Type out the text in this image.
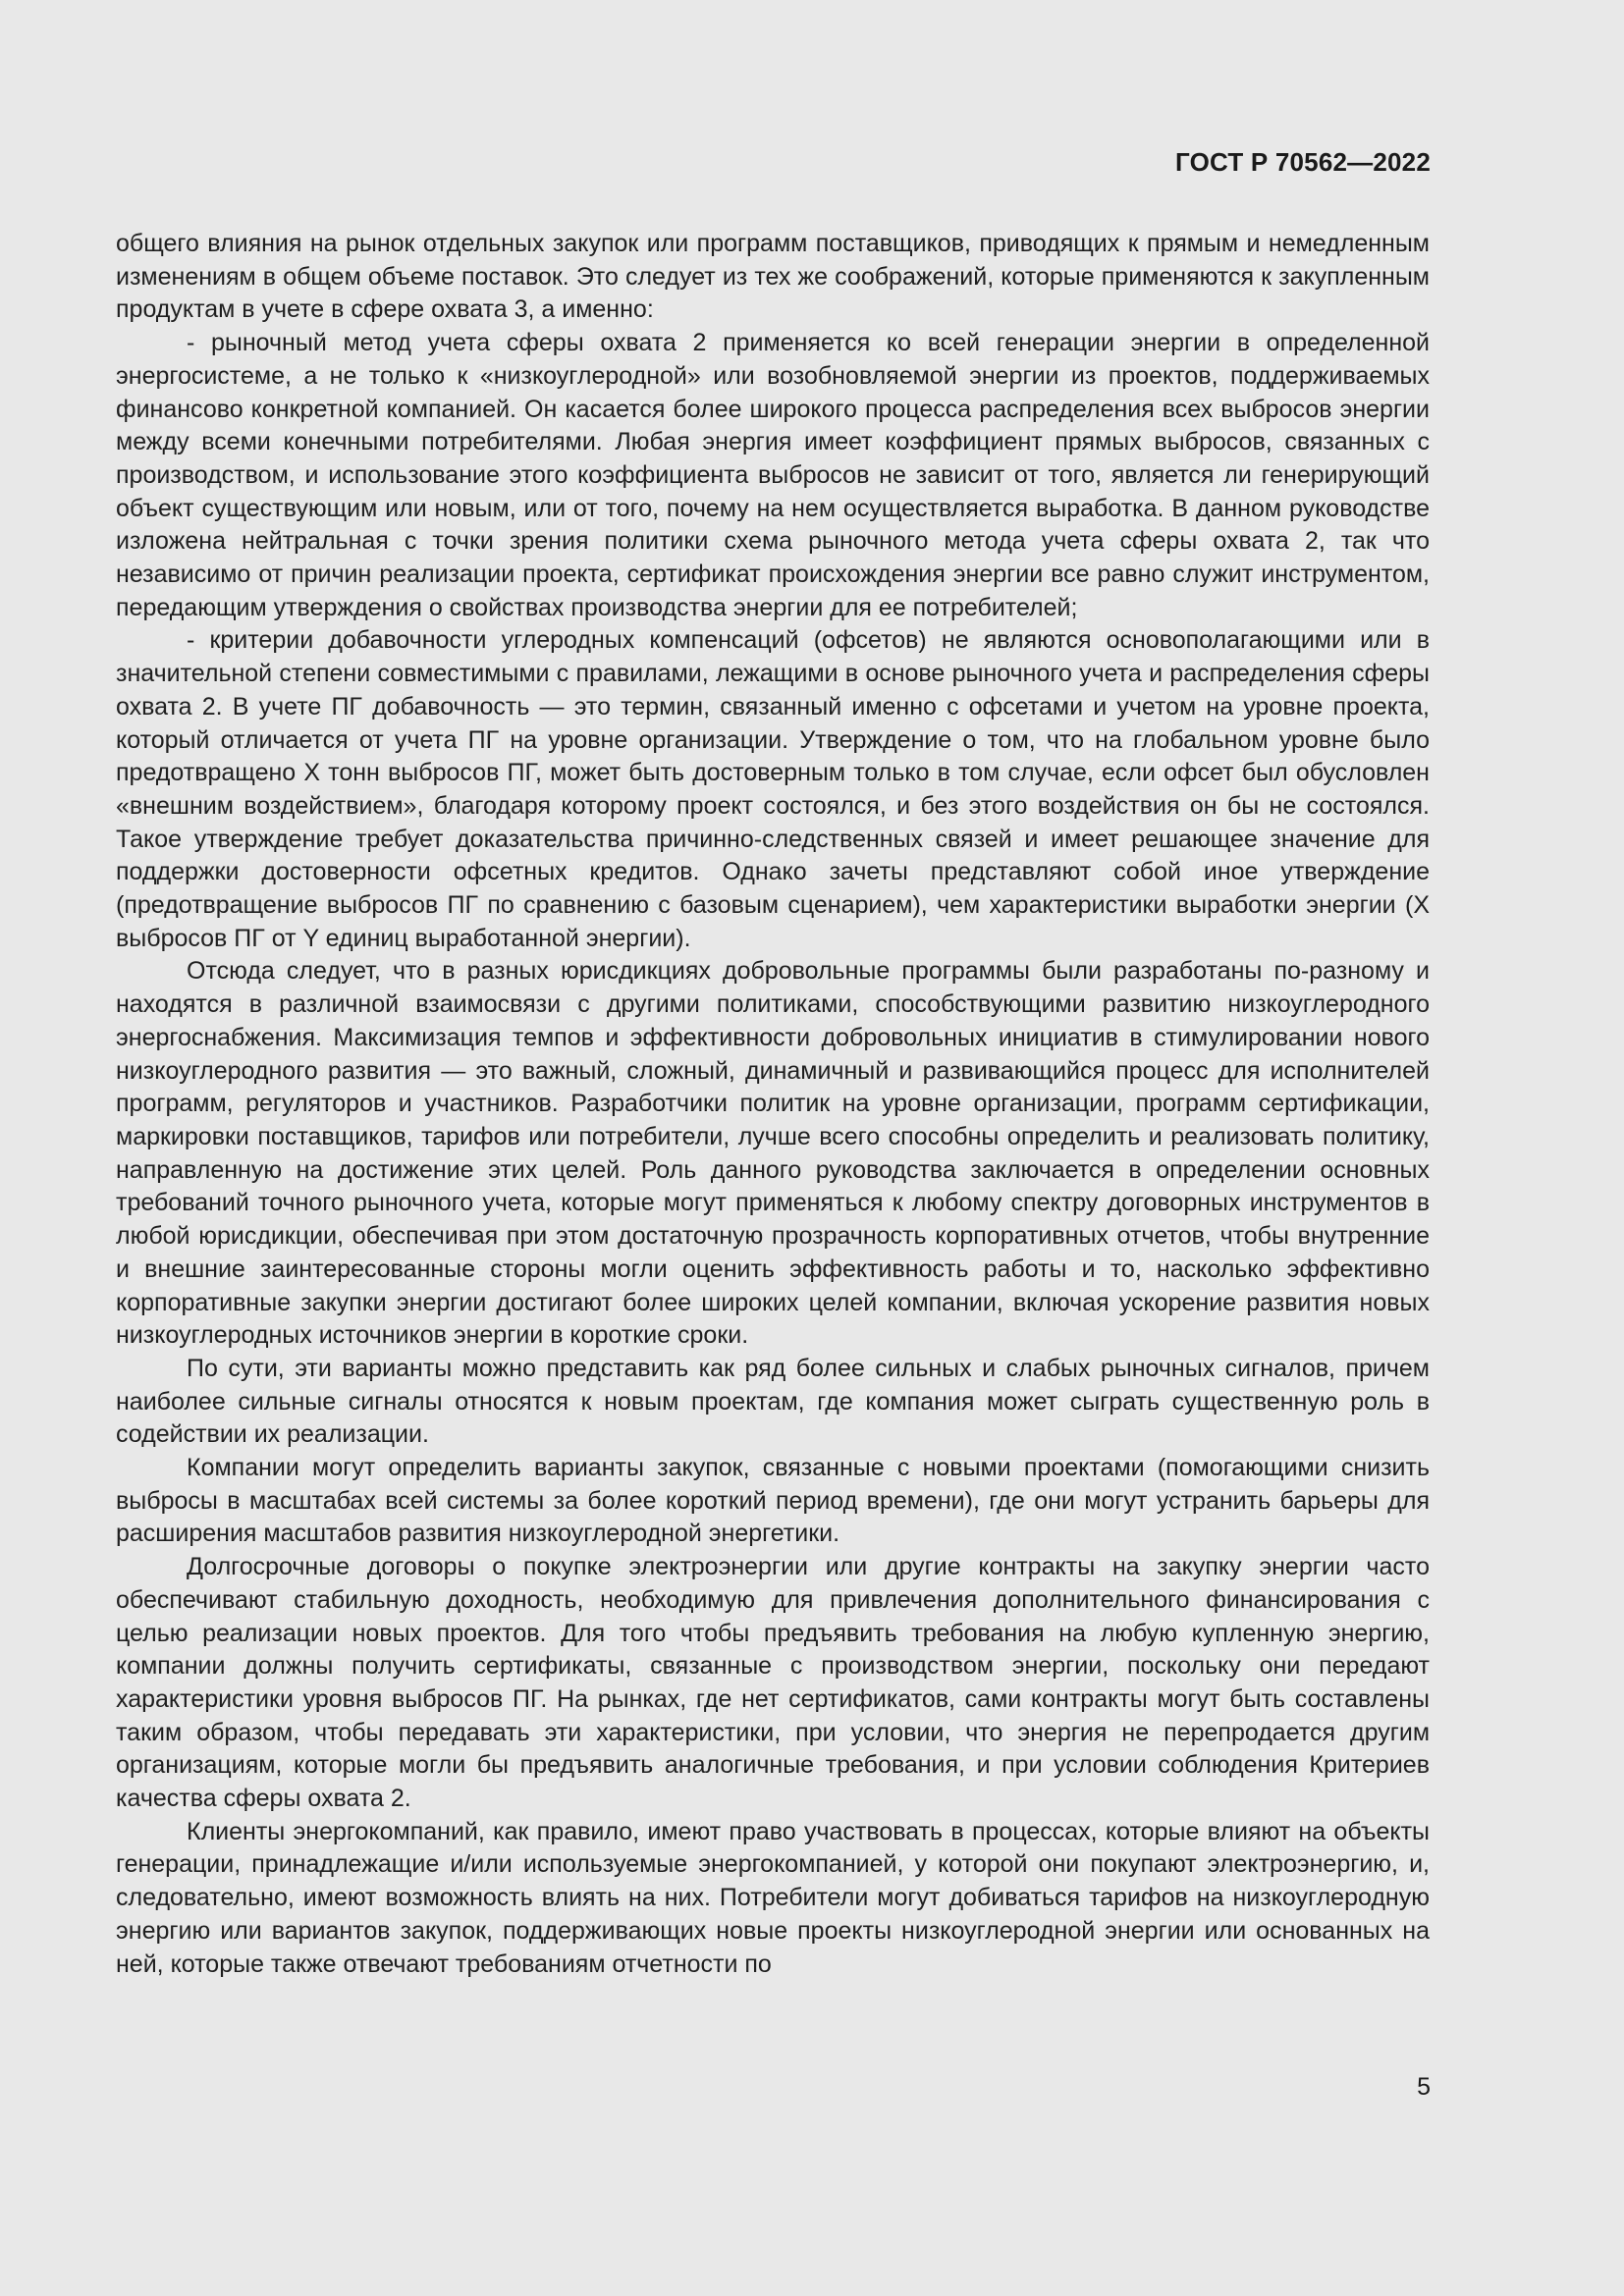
ГОСТ Р 70562—2022

общего влияния на рынок отдельных закупок или программ поставщиков, приводящих к прямым и немедленным изменениям в общем объеме поставок. Это следует из тех же соображений, которые применяются к закупленным продуктам в учете в сфере охвата 3, а именно:

- рыночный метод учета сферы охвата 2 применяется ко всей генерации энергии в определенной энергосистеме, а не только к «низкоуглеродной» или возобновляемой энергии из проектов, поддерживаемых финансово конкретной компанией. Он касается более широкого процесса распределения всех выбросов энергии между всеми конечными потребителями. Любая энергия имеет коэффициент прямых выбросов, связанных с производством, и использование этого коэффициента выбросов не зависит от того, является ли генерирующий объект существующим или новым, или от того, почему на нем осуществляется выработка. В данном руководстве изложена нейтральная с точки зрения политики схема рыночного метода учета сферы охвата 2, так что независимо от причин реализации проекта, сертификат происхождения энергии все равно служит инструментом, передающим утверждения о свойствах производства энергии для ее потребителей;

- критерии добавочности углеродных компенсаций (офсетов) не являются основополагающими или в значительной степени совместимыми с правилами, лежащими в основе рыночного учета и распределения сферы охвата 2. В учете ПГ добавочность — это термин, связанный именно с офсетами и учетом на уровне проекта, который отличается от учета ПГ на уровне организации. Утверждение о том, что на глобальном уровне было предотвращено X тонн выбросов ПГ, может быть достоверным только в том случае, если офсет был обусловлен «внешним воздействием», благодаря которому проект состоялся, и без этого воздействия он бы не состоялся. Такое утверждение требует доказательства причинно-следственных связей и имеет решающее значение для поддержки достоверности офсетных кредитов. Однако зачеты представляют собой иное утверждение (предотвращение выбросов ПГ по сравнению с базовым сценарием), чем характеристики выработки энергии (X выбросов ПГ от Y единиц выработанной энергии).

Отсюда следует, что в разных юрисдикциях добровольные программы были разработаны по-разному и находятся в различной взаимосвязи с другими политиками, способствующими развитию низкоуглеродного энергоснабжения. Максимизация темпов и эффективности добровольных инициатив в стимулировании нового низкоуглеродного развития — это важный, сложный, динамичный и развивающийся процесс для исполнителей программ, регуляторов и участников. Разработчики политик на уровне организации, программ сертификации, маркировки поставщиков, тарифов или потребители, лучше всего способны определить и реализовать политику, направленную на достижение этих целей. Роль данного руководства заключается в определении основных требований точного рыночного учета, которые могут применяться к любому спектру договорных инструментов в любой юрисдикции, обеспечивая при этом достаточную прозрачность корпоративных отчетов, чтобы внутренние и внешние заинтересованные стороны могли оценить эффективность работы и то, насколько эффективно корпоративные закупки энергии достигают более широких целей компании, включая ускорение развития новых низкоуглеродных источников энергии в короткие сроки.

По сути, эти варианты можно представить как ряд более сильных и слабых рыночных сигналов, причем наиболее сильные сигналы относятся к новым проектам, где компания может сыграть существенную роль в содействии их реализации.

Компании могут определить варианты закупок, связанные с новыми проектами (помогающими снизить выбросы в масштабах всей системы за более короткий период времени), где они могут устранить барьеры для расширения масштабов развития низкоуглеродной энергетики.

Долгосрочные договоры о покупке электроэнергии или другие контракты на закупку энергии часто обеспечивают стабильную доходность, необходимую для привлечения дополнительного финансирования с целью реализации новых проектов. Для того чтобы предъявить требования на любую купленную энергию, компании должны получить сертификаты, связанные с производством энергии, поскольку они передают характеристики уровня выбросов ПГ. На рынках, где нет сертификатов, сами контракты могут быть составлены таким образом, чтобы передавать эти характеристики, при условии, что энергия не перепродается другим организациям, которые могли бы предъявить аналогичные требования, и при условии соблюдения Критериев качества сферы охвата 2.

Клиенты энергокомпаний, как правило, имеют право участвовать в процессах, которые влияют на объекты генерации, принадлежащие и/или используемые энергокомпанией, у которой они покупают электроэнергию, и, следовательно, имеют возможность влиять на них. Потребители могут добиваться тарифов на низкоуглеродную энергию или вариантов закупок, поддерживающих новые проекты низкоуглеродной энергии или основанных на ней, которые также отвечают требованиям отчетности по

5
